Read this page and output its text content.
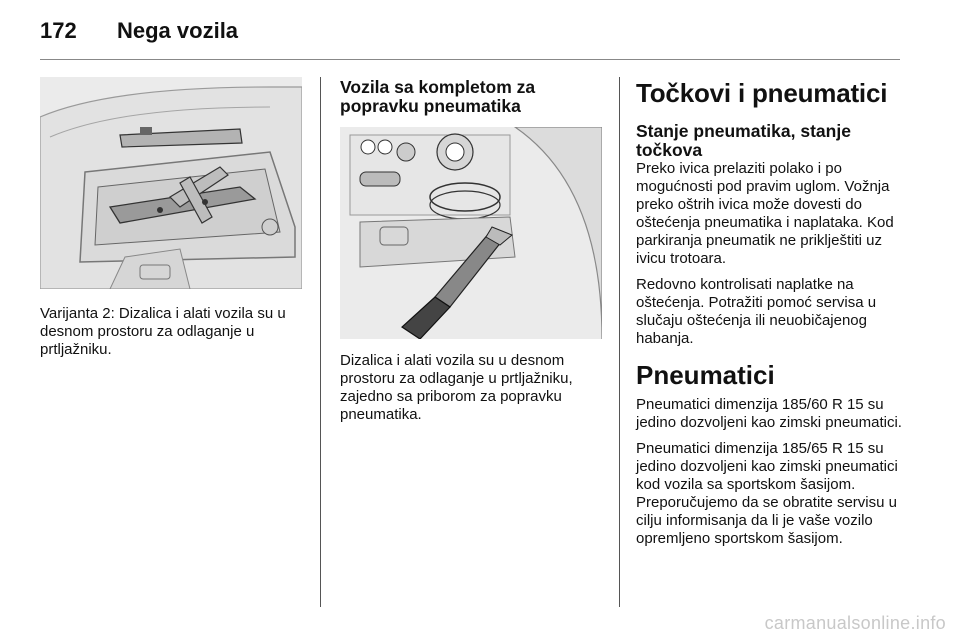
172 Nega vozila

Varijanta 2: Dizalica i alati vozila su u desnom prostoru za odlaganje u prtljažniku.

Vozila sa kompletom za popravku pneumatika

Dizalica i alati vozila su u desnom prostoru za odlaganje u prtljažniku, zajedno sa priborom za popravku pneumatika.

Točkovi i pneumatici
Stanje pneumatika, stanje točkova

Preko ivica prelaziti polako i po mogućnosti pod pravim uglom. Vožnja preko oštrih ivica može dovesti do oštećenja pneumatika i naplataka. Kod parkiranja pneumatik ne priklještiti uz ivicu trotoara.

Redovno kontrolisati naplatke na oštećenja. Potražiti pomoć servisa u slučaju oštećenja ili neuobičajenog habanja.

Pneumatici

Pneumatici dimenzija 185/60 R 15 su jedino dozvoljeni kao zimski pneumatici.

Pneumatici dimenzija 185/65 R 15 su jedino dozvoljeni kao zimski pneumatici kod vozila sa sportskom šasijom. Preporučujemo da se obratite servisu u cilju informisanja da li je vaše vozilo opremljeno sportskom šasijom.

carmanualsonline.info
